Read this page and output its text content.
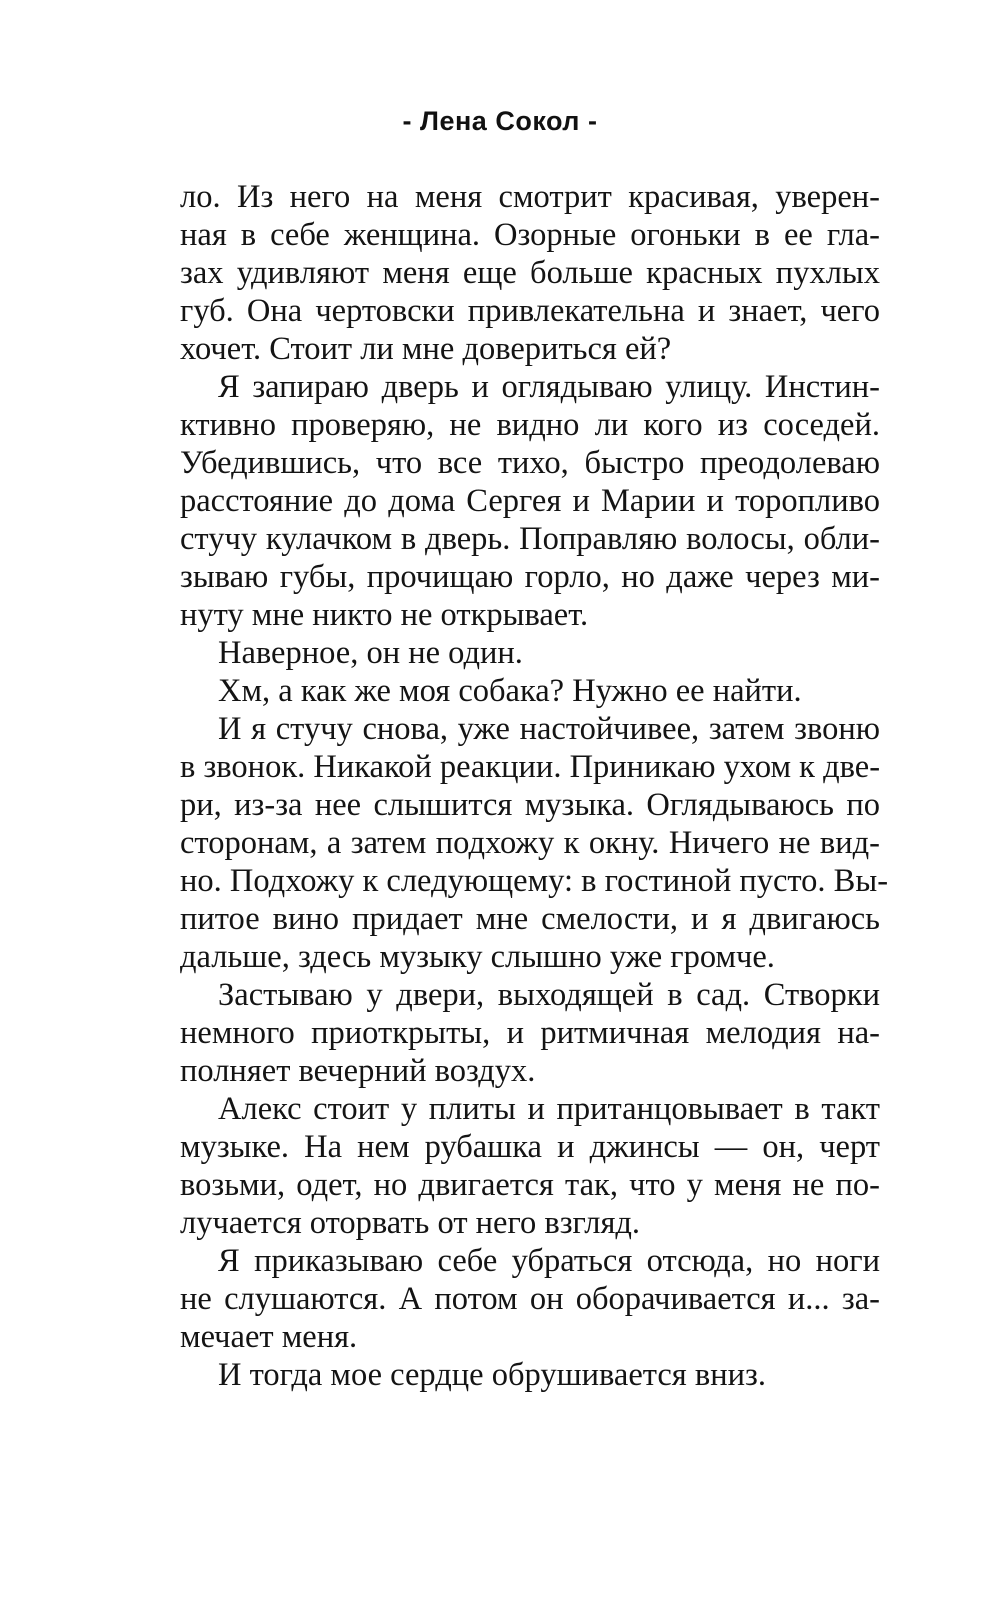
- Лена Сокол -
ло. Из него на меня смотрит красивая, уверен-
ная в себе женщина. Озорные огоньки в ее гла-
зах удивляют меня еще больше красных пухлых
губ. Она чертовски привлекательна и знает, чего
хочет. Стоит ли мне довериться ей?
Я запираю дверь и оглядываю улицу. Инстин-
ктивно проверяю, не видно ли кого из соседей.
Убедившись, что все тихо, быстро преодолеваю
расстояние до дома Сергея и Марии и торопливо
стучу кулачком в дверь. Поправляю волосы, обли-
зываю губы, прочищаю горло, но даже через ми-
нуту мне никто не открывает.
Наверное, он не один.
Хм, а как же моя собака? Нужно ее найти.
И я стучу снова, уже настойчивее, затем звоню
в звонок. Никакой реакции. Приникаю ухом к две-
ри, из-за нее слышится музыка. Оглядываюсь по
сторонам, а затем подхожу к окну. Ничего не вид-
но. Подхожу к следующему: в гостиной пусто. Вы-
питое вино придает мне смелости, и я двигаюсь
дальше, здесь музыку слышно уже громче.
Застываю у двери, выходящей в сад. Створки
немного приоткрыты, и ритмичная мелодия на-
полняет вечерний воздух.
Алекс стоит у плиты и пританцовывает в такт
музыке. На нем рубашка и джинсы — он, черт
возьми, одет, но двигается так, что у меня не по-
лучается оторвать от него взгляд.
Я приказываю себе убраться отсюда, но ноги
не слушаются. А потом он оборачивается и... за-
мечает меня.
И тогда мое сердце обрушивается вниз.
